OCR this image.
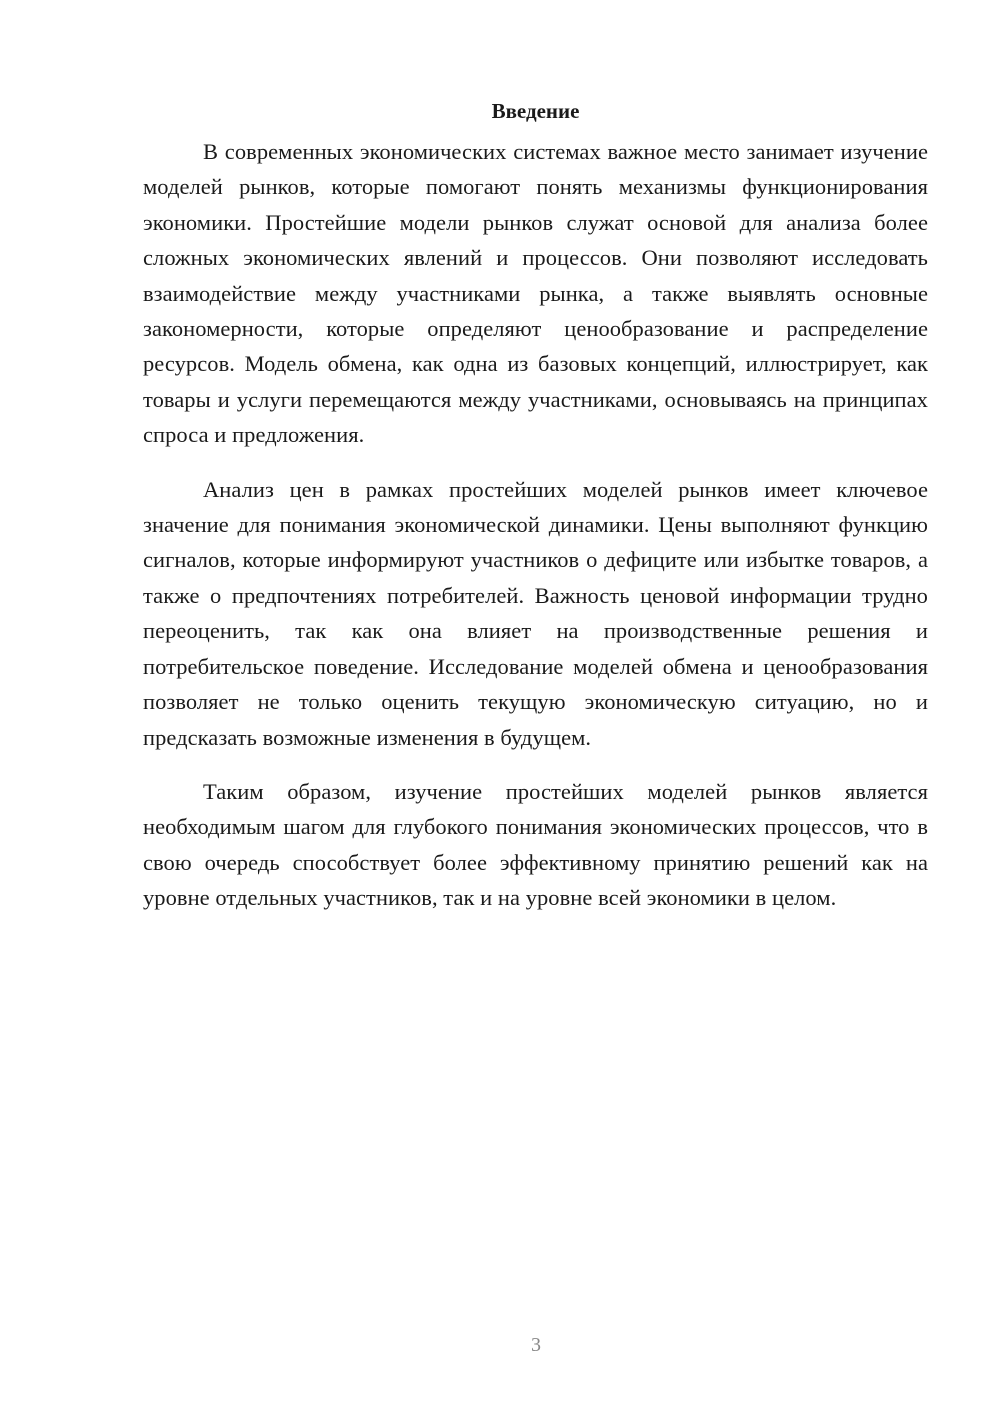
Введение

В современных экономических системах важное место занимает изучение моделей рынков, которые помогают понять механизмы функционирования экономики. Простейшие модели рынков служат основой для анализа более сложных экономических явлений и процессов. Они позволяют исследовать взаимодействие между участниками рынка, а также выявлять основные закономерности, которые определяют ценообразование и распределение ресурсов. Модель обмена, как одна из базовых концепций, иллюстрирует, как товары и услуги перемещаются между участниками, основываясь на принципах спроса и предложения.

Анализ цен в рамках простейших моделей рынков имеет ключевое значение для понимания экономической динамики. Цены выполняют функцию сигналов, которые информируют участников о дефиците или избытке товаров, а также о предпочтениях потребителей. Важность ценовой информации трудно переоценить, так как она влияет на производственные решения и потребительское поведение. Исследование моделей обмена и ценообразования позволяет не только оценить текущую экономическую ситуацию, но и предсказать возможные изменения в будущем.

Таким образом, изучение простейших моделей рынков является необходимым шагом для глубокого понимания экономических процессов, что в свою очередь способствует более эффективному принятию решений как на уровне отдельных участников, так и на уровне всей экономики в целом.

3
